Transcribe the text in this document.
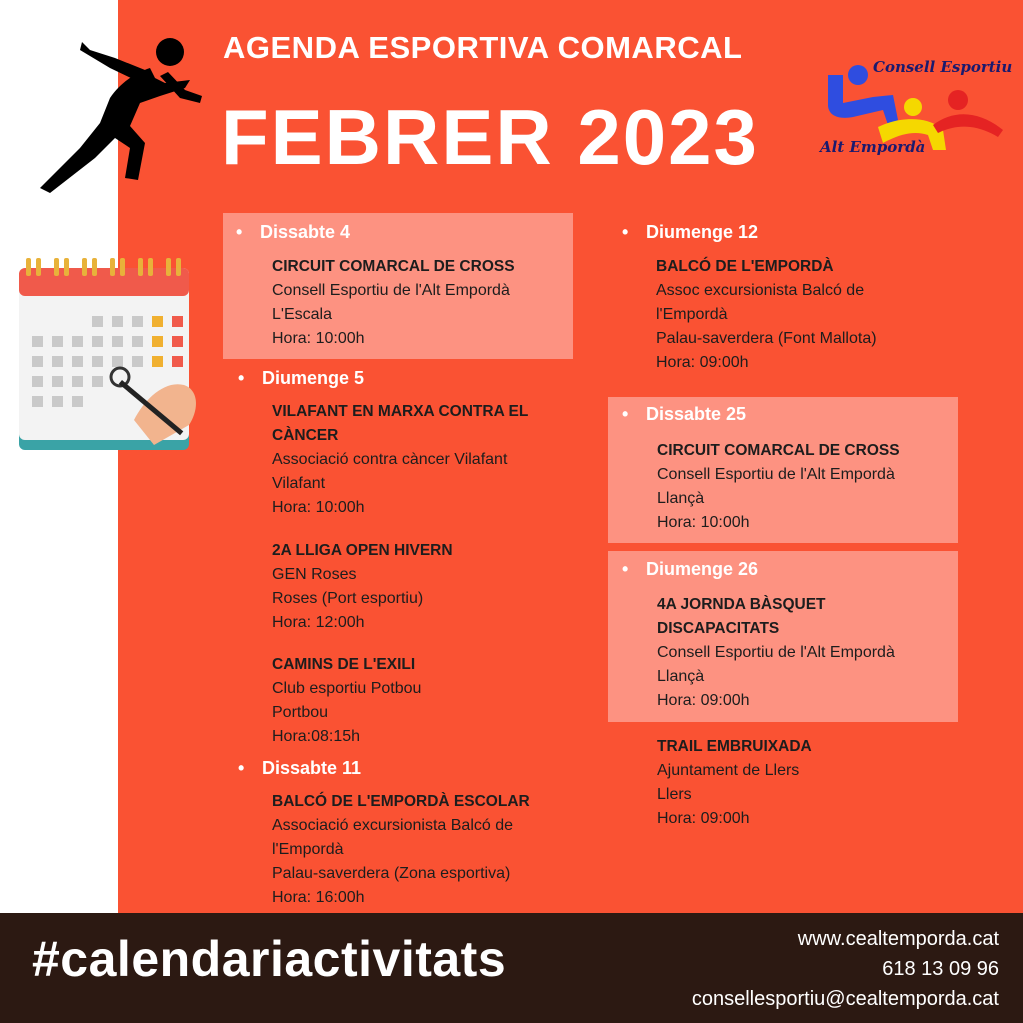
Consell Esportiu
Alt Empordà
AGENDA ESPORTIVA COMARCAL
FEBRER 2023
• Dissabte 4
CIRCUIT COMARCAL DE CROSS
Consell Esportiu de l'Alt Empordà
L'Escala
Hora: 10:00h
• Diumenge 5
VILAFANT EN MARXA CONTRA EL CÀNCER
Associació contra càncer Vilafant
Vilafant
Hora: 10:00h
2A LLIGA OPEN HIVERN
GEN Roses
Roses (Port esportiu)
Hora: 12:00h
CAMINS DE L'EXILI
Club esportiu Potbou
Portbou
Hora:08:15h
• Dissabte 11
BALCÓ DE L'EMPORDÀ ESCOLAR
Associació excursionista Balcó de
l'Empordà
Palau-saverdera (Zona esportiva)
Hora: 16:00h
• Diumenge 12
BALCÓ DE L'EMPORDÀ
Assoc excursionista Balcó de
l'Empordà
Palau-saverdera (Font Mallota)
Hora: 09:00h
• Dissabte 25
CIRCUIT COMARCAL DE CROSS
Consell Esportiu de l'Alt Empordà
Llançà
Hora: 10:00h
• Diumenge 26
4A JORNDA BÀSQUET DISCAPACITATS
Consell Esportiu de l'Alt Empordà
Llançà
Hora: 09:00h
TRAIL EMBRUIXADA
Ajuntament de Llers
Llers
Hora: 09:00h
#calendariactivitats	www.cealtemporda.cat
618 13 09 96
consellesportiu@cealtemporda.cat
